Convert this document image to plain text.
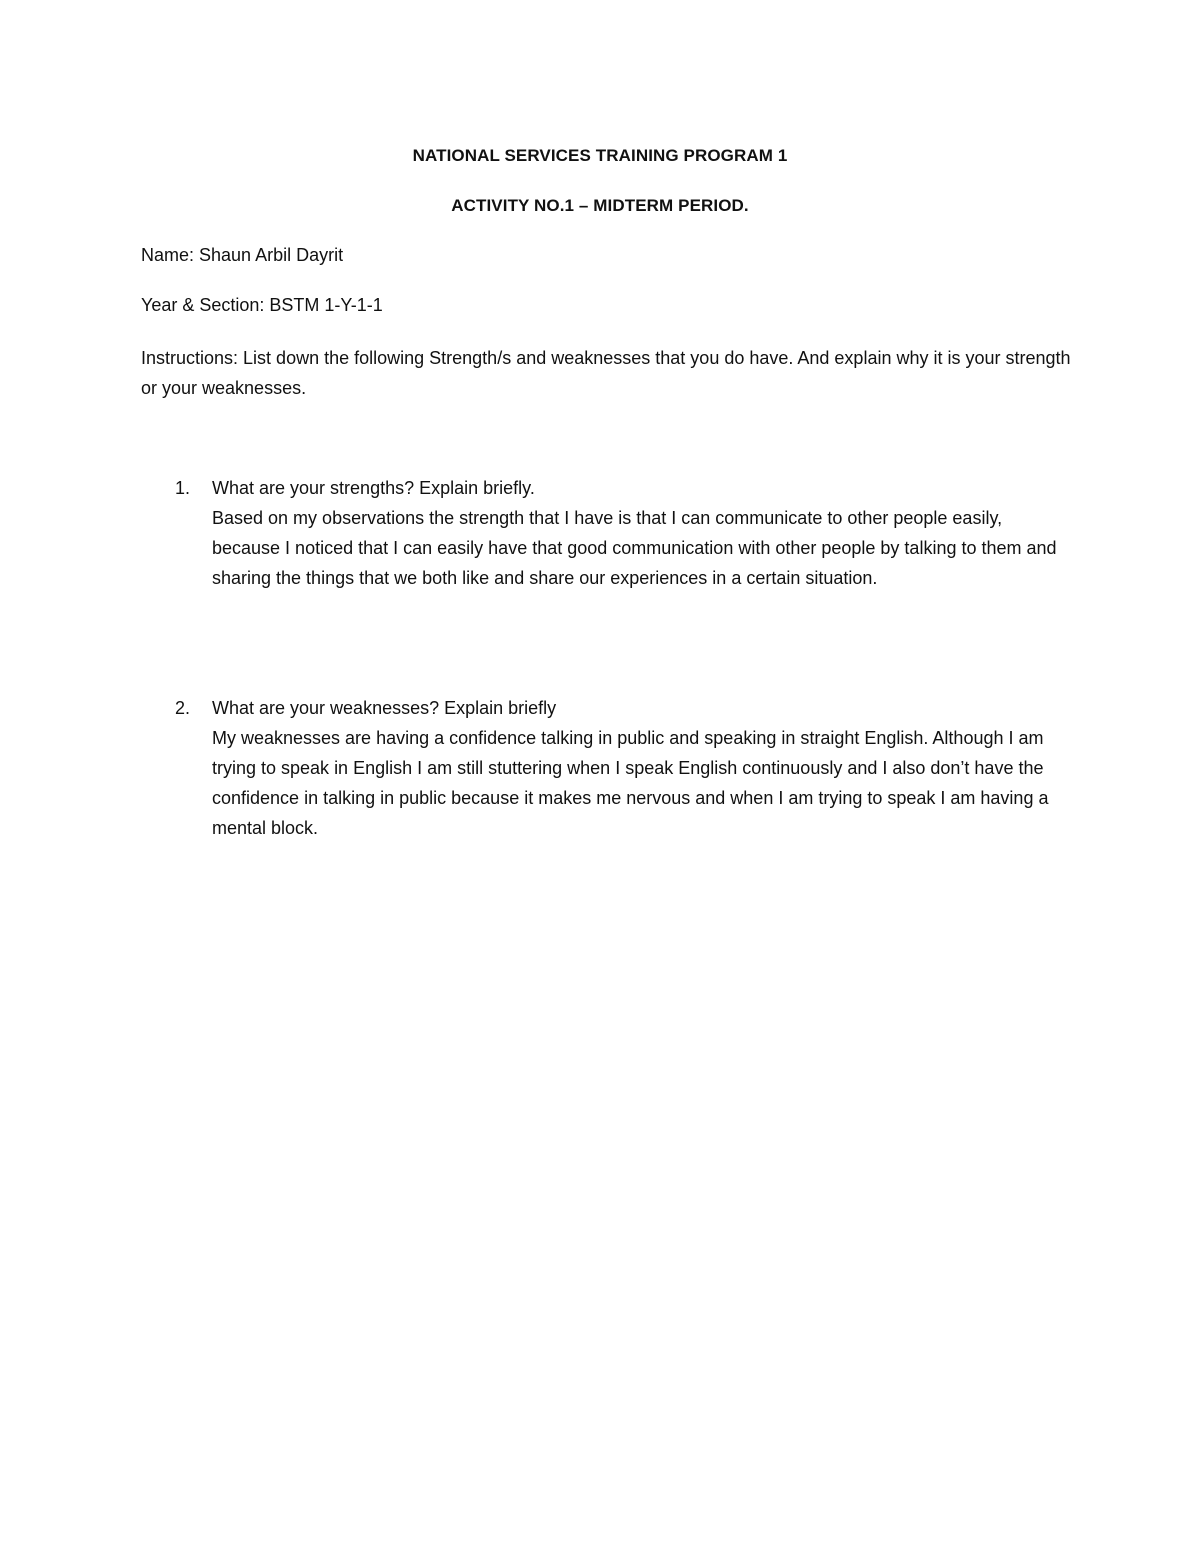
NATIONAL SERVICES TRAINING PROGRAM 1
ACTIVITY NO.1 – MIDTERM PERIOD.
Name: Shaun Arbil Dayrit
Year & Section: BSTM 1-Y-1-1
Instructions: List down the following Strength/s and weaknesses that you do have. And explain why it is your strength or your weaknesses.
1. What are your strengths? Explain briefly.
Based on my observations the strength that I have is that I can communicate to other people easily, because I noticed that I can easily have that good communication with other people by talking to them and sharing the things that we both like and share our experiences in a certain situation.
2. What are your weaknesses? Explain briefly
My weaknesses are having a confidence talking in public and speaking in straight English. Although I am trying to speak in English I am still stuttering when I speak English continuously and I also don’t have the confidence in talking in public because it makes me nervous and when I am trying to speak I am having a mental block.
